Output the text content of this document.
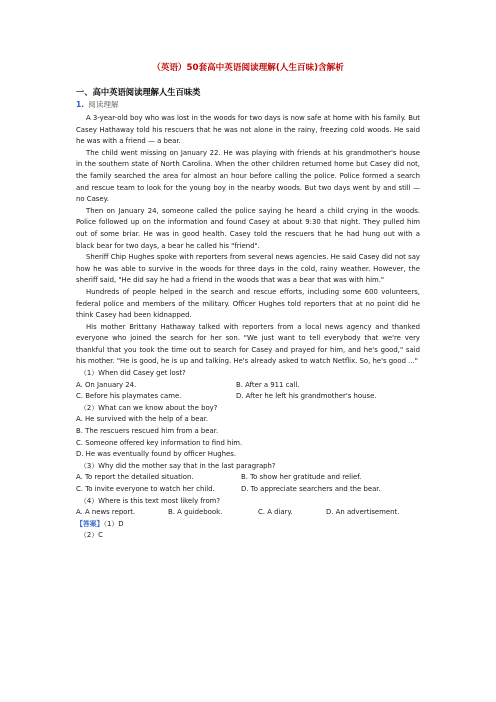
（英语）50套高中英语阅读理解(人生百味)含解析
一、高中英语阅读理解人生百味类
1. 阅读理解

A 3-year-old boy who was lost in the woods for two days is now safe at home with his family. But Casey Hathaway told his rescuers that he was not alone in the rainy, freezing cold woods. He said he was with a friend — a bear.

The child went missing on January 22. He was playing with friends at his grandmother's house in the southern state of North Carolina. When the other children returned home but Casey did not, the family searched the area for almost an hour before calling the police. Police formed a search and rescue team to look for the young boy in the nearby woods. But two days went by and still — no Casey.

Then on January 24, someone called the police saying he heard a child crying in the woods. Police followed up on the information and found Casey at about 9:30 that night. They pulled him out of some briar. He was in good health. Casey told the rescuers that he had hung out with a black bear for two days, a bear he called his "friend".

Sheriff Chip Hughes spoke with reporters from several news agencies. He said Casey did not say how he was able to survive in the woods for three days in the cold, rainy weather. However, the sheriff said, "He did say he had a friend in the woods that was a bear that was with him."

Hundreds of people helped in the search and rescue efforts, including some 600 volunteers, federal police and members of the military. Officer Hughes told reporters that at no point did he think Casey had been kidnapped.

His mother Brittany Hathaway talked with reporters from a local news agency and thanked everyone who joined the search for her son. "We just want to tell everybody that we're very thankful that you took the time out to search for Casey and prayed for him, and he's good," said his mother. "He is good, he is up and talking. He's already asked to watch Netflix. So, he's good ..."

（1）When did Casey get lost?
A. On January 24.	B. After a 911 call.
C. Before his playmates came.	D. After he left his grandmother's house.
（2）What can we know about the boy?
A. He survived with the help of a bear.
B. The rescuers rescued him from a bear.
C. Someone offered key information to find him.
D. He was eventually found by officer Hughes.
（3）Why did the mother say that in the last paragraph?
A. To report the detailed situation.	B. To show her gratitude and relief.
C. To invite everyone to watch her child.	D. To appreciate searchers and the bear.
（4）Where is this text most likely from?
A. A news report.	B. A guidebook.	C. A diary.	D. An advertisement.
【答案】（1）D
（2）C
